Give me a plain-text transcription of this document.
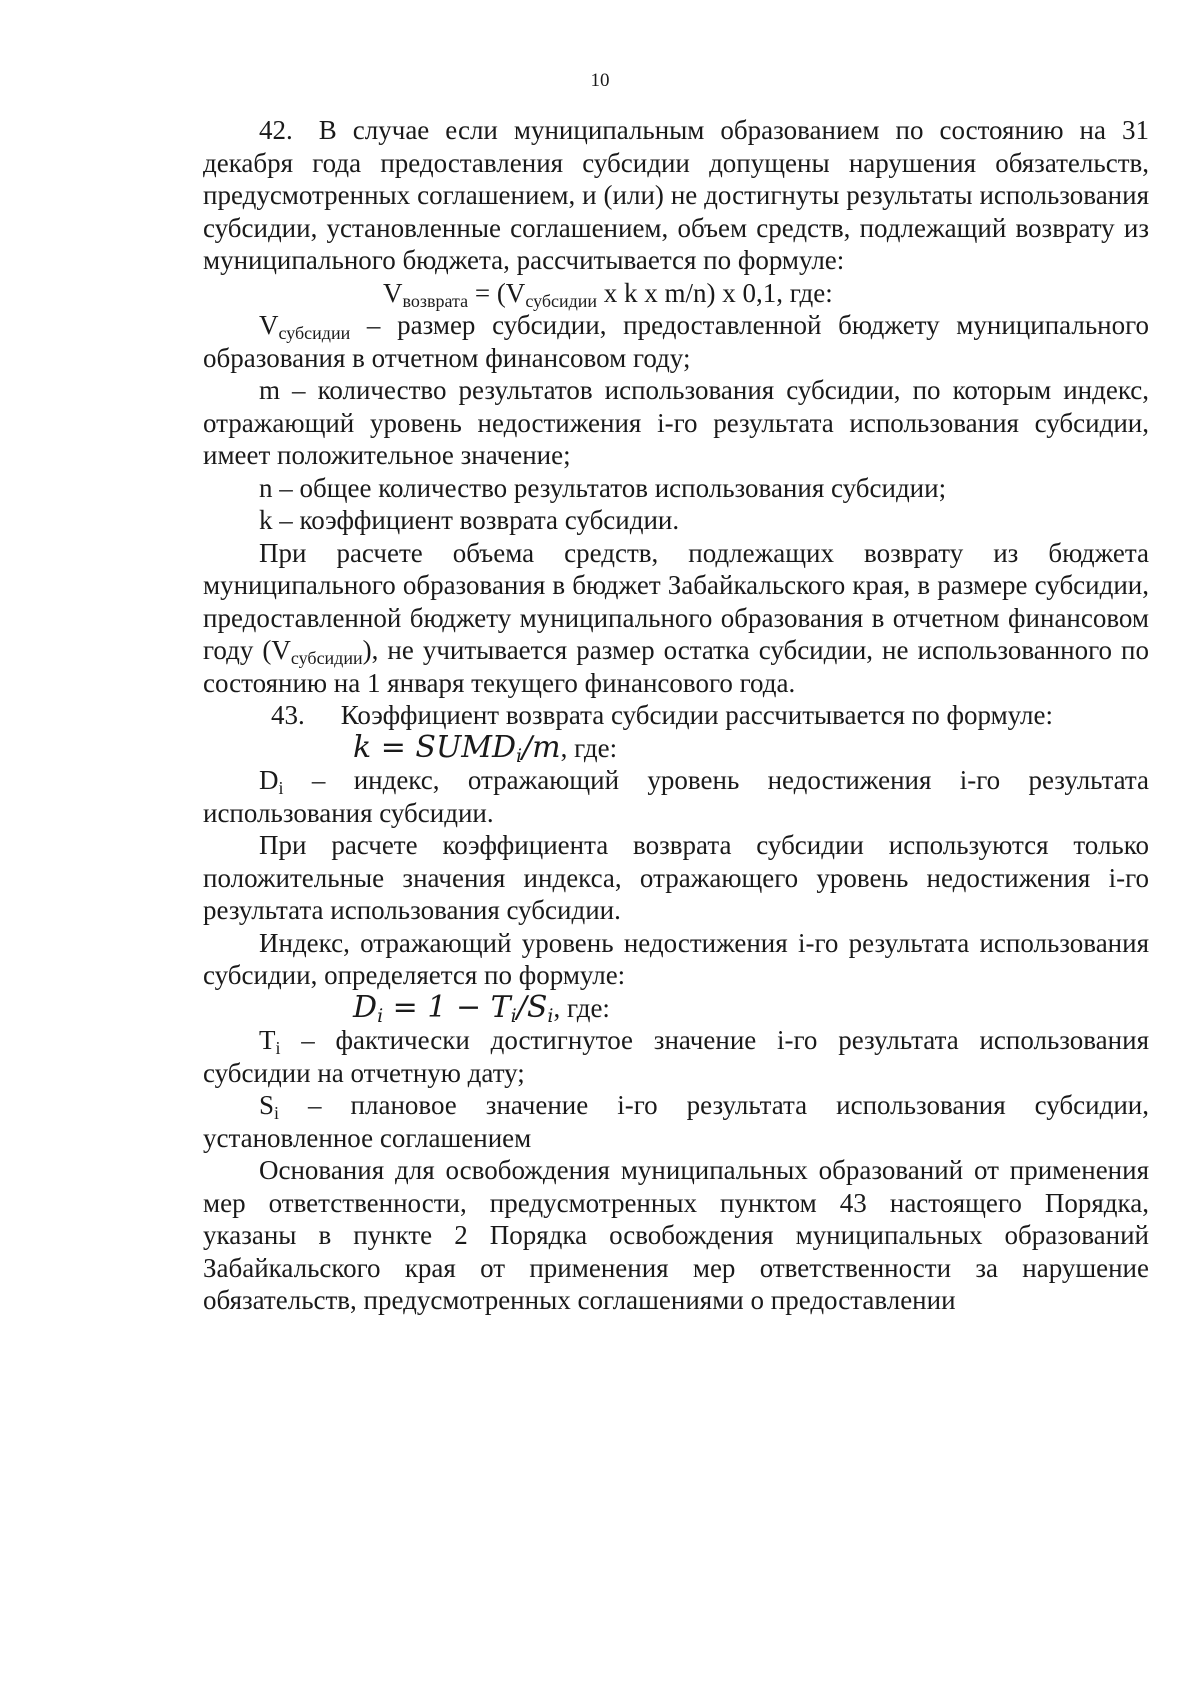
10

42. В случае если муниципальным образованием по состоянию на 31 декабря года предоставления субсидии допущены нарушения обязательств, предусмотренных соглашением, и (или) не достигнуты результаты использования субсидии, установленные соглашением, объем средств, подлежащий возврату из муниципального бюджета, рассчитывается по формуле:

$V_{возврата} = (V_{субсидии}$ x k x m/n) x 0,1, где:

$V_{субсидии}$ – размер субсидии, предоставленной бюджету муниципального образования в отчетном финансовом году;

m – количество результатов использования субсидии, по которым индекс, отражающий уровень недостижения i-го результата использования субсидии, имеет положительное значение;

n – общее количество результатов использования субсидии;

k – коэффициент возврата субсидии.

При расчете объема средств, подлежащих возврату из бюджета муниципального образования в бюджет Забайкальского края, в размере субсидии, предоставленной бюджету муниципального образования в отчетном финансовом году $(V_{субсидии})$, не учитывается размер остатка субсидии, не использованного по состоянию на 1 января текущего финансового года.

43. Коэффициент возврата субсидии рассчитывается по формуле:

$k = SUMD_i/m$, где:

$D_i$ – индекс, отражающий уровень недостижения i-го результата использования субсидии.

При расчете коэффициента возврата субсидии используются только положительные значения индекса, отражающего уровень недостижения i-го результата использования субсидии.

Индекс, отражающий уровень недостижения i-го результата использования субсидии, определяется по формуле:

$D_i = 1 - T_i/S_i$, где:

$T_i$ – фактически достигнутое значение i-го результата использования субсидии на отчетную дату;

$S_i$ – плановое значение i-го результата использования субсидии, установленное соглашением

Основания для освобождения муниципальных образований от применения мер ответственности, предусмотренных пунктом 43 настоящего Порядка, указаны в пункте 2 Порядка освобождения муниципальных образований Забайкальского края от применения мер ответственности за нарушение обязательств, предусмотренных соглашениями о предоставлении
